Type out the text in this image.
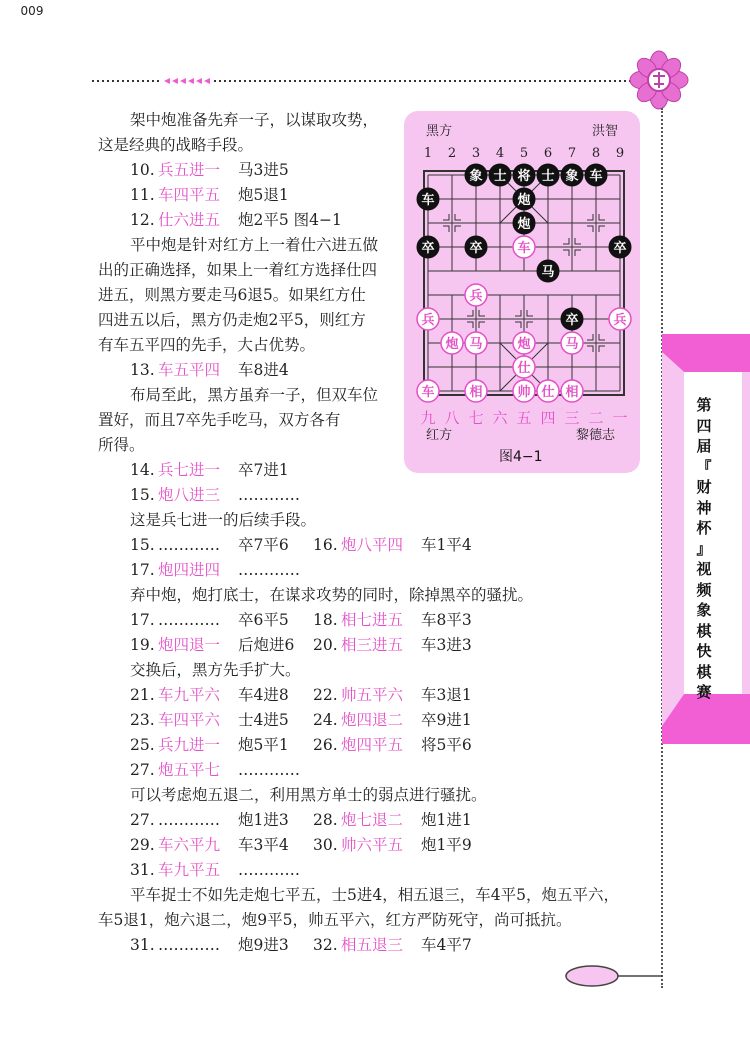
第
四
届
『
财
神
杯
』
视
频
象
棋
快
棋
赛
黑方	洪智
1 2 3 4 5 6 7 8 9
象 士 将 士 象 车
炮
车
炮
卒	卒	卒
马
卒
车
兵
兵	兵
炮 马	炮	马
仕
车	相	帅 仕 相
九 八 七 六 五 四 三 二 一
红方	黎德志
图4−1
架中炮准备先弃一子，以谋取攻势，
这是经典的战略手段。
10. 兵五进一 马3进5
11. 车四平五 炮5退1
12. 仕六进五 炮2平5 图4−1
平中炮是针对红方上一着仕六进五做
出的正确选择，如果上一着红方选择仕四
进五，则黑方要走马6退5。如果红方仕
四进五以后，黑方仍走炮2平5，则红方
有车五平四的先手，大占优势。
13. 车五平四 车8进4
布局至此，黑方虽弃一子，但双车位
置好，而且7卒先手吃马，双方各有
所得。
14. 兵七进一 卒7进1
15. 炮八进三 …………
这是兵七进一的后续手段。
15. ………… 卒7平6 16. 炮八平四 车1平4
17. 炮四进四 …………
弃中炮，炮打底士，在谋求攻势的同时，除掉黑卒的骚扰。
17. ………… 卒6平5 18. 相七进五 车8平3
19. 炮四退一 后炮进6 20. 相三进五 车3进3
交换后，黑方先手扩大。
21. 车九平六 车4进8 22. 帅五平六 车3退1
23. 车四平六 士4进5 24. 炮四退二 卒9进1
25. 兵九进一 炮5平1 26. 炮四平五 将5平6
27. 炮五平七 …………
可以考虑炮五退二，利用黑方单士的弱点进行骚扰。
27. ………… 炮1进3 28. 炮七退二 炮1进1
29. 车六平九 车3平4 30. 帅六平五 炮1平9
31. 车九平五 …………
平车捉士不如先走炮七平五，士5进4，相五退三，车4平5，炮五平六，
车5退1，炮六退二，炮9平5，帅五平六，红方严防死守，尚可抵抗。
31. ………… 炮9进3 32. 相五退三 车4平7
009
